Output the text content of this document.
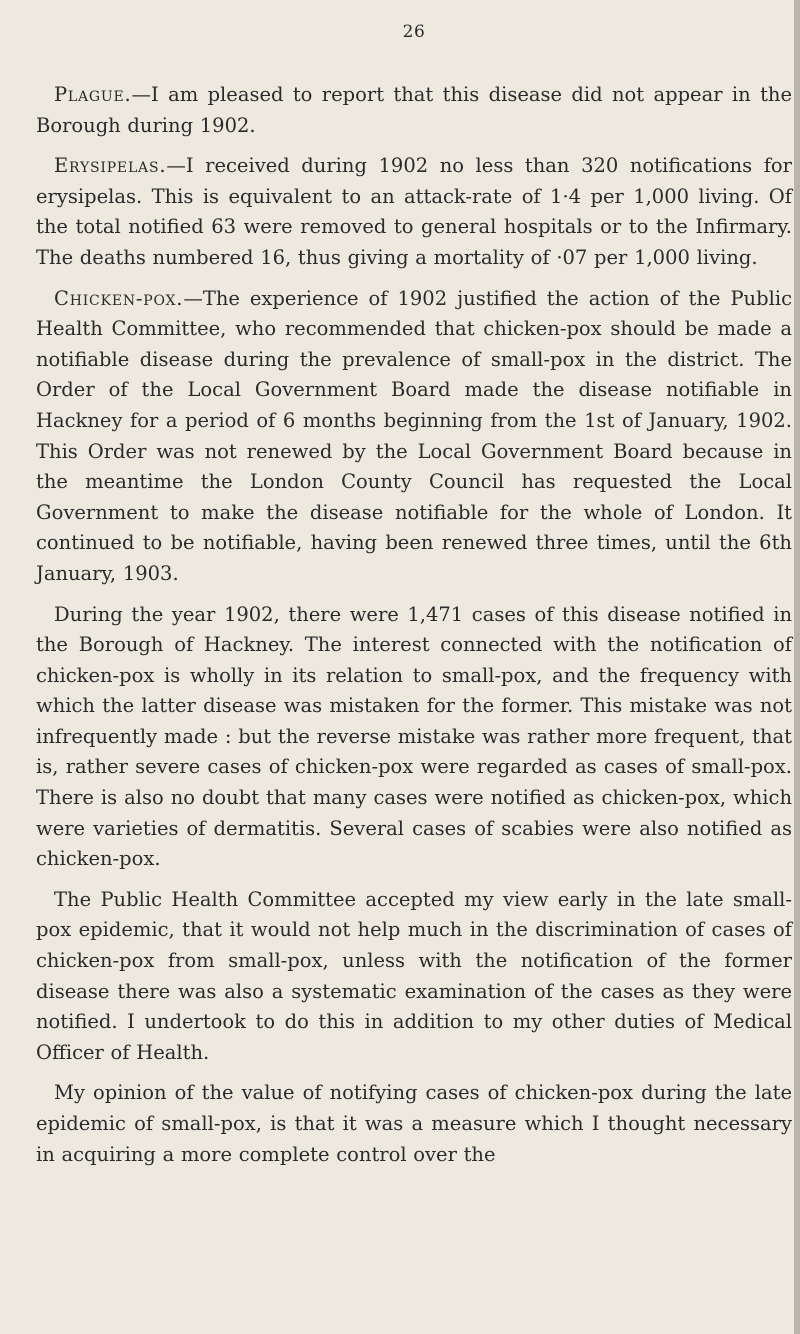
26

Plague.—I am pleased to report that this disease did not appear in the Borough during 1902.

Erysipelas.—I received during 1902 no less than 320 notifications for erysipelas. This is equivalent to an attack-rate of 1·4 per 1,000 living. Of the total notified 63 were removed to general hospitals or to the Infirmary. The deaths numbered 16, thus giving a mortality of ·07 per 1,000 living.

Chicken-pox.—The experience of 1902 justified the action of the Public Health Committee, who recommended that chicken-pox should be made a notifiable disease during the prevalence of small-pox in the district. The Order of the Local Government Board made the disease notifiable in Hackney for a period of 6 months beginning from the 1st of January, 1902. This Order was not renewed by the Local Government Board because in the meantime the London County Council has requested the Local Government to make the disease notifiable for the whole of London. It continued to be notifiable, having been renewed three times, until the 6th January, 1903.

During the year 1902, there were 1,471 cases of this disease notified in the Borough of Hackney. The interest connected with the notification of chicken-pox is wholly in its relation to small-pox, and the frequency with which the latter disease was mistaken for the former. This mistake was not infrequently made : but the reverse mistake was rather more frequent, that is, rather severe cases of chicken-pox were regarded as cases of small-pox. There is also no doubt that many cases were notified as chicken-pox, which were varieties of dermatitis. Several cases of scabies were also notified as chicken-pox.

The Public Health Committee accepted my view early in the late small-pox epidemic, that it would not help much in the discrimination of cases of chicken-pox from small-pox, unless with the notification of the former disease there was also a systematic examination of the cases as they were notified. I undertook to do this in addition to my other duties of Medical Officer of Health.

My opinion of the value of notifying cases of chicken-pox during the late epidemic of small-pox, is that it was a measure which I thought necessary in acquiring a more complete control over the
